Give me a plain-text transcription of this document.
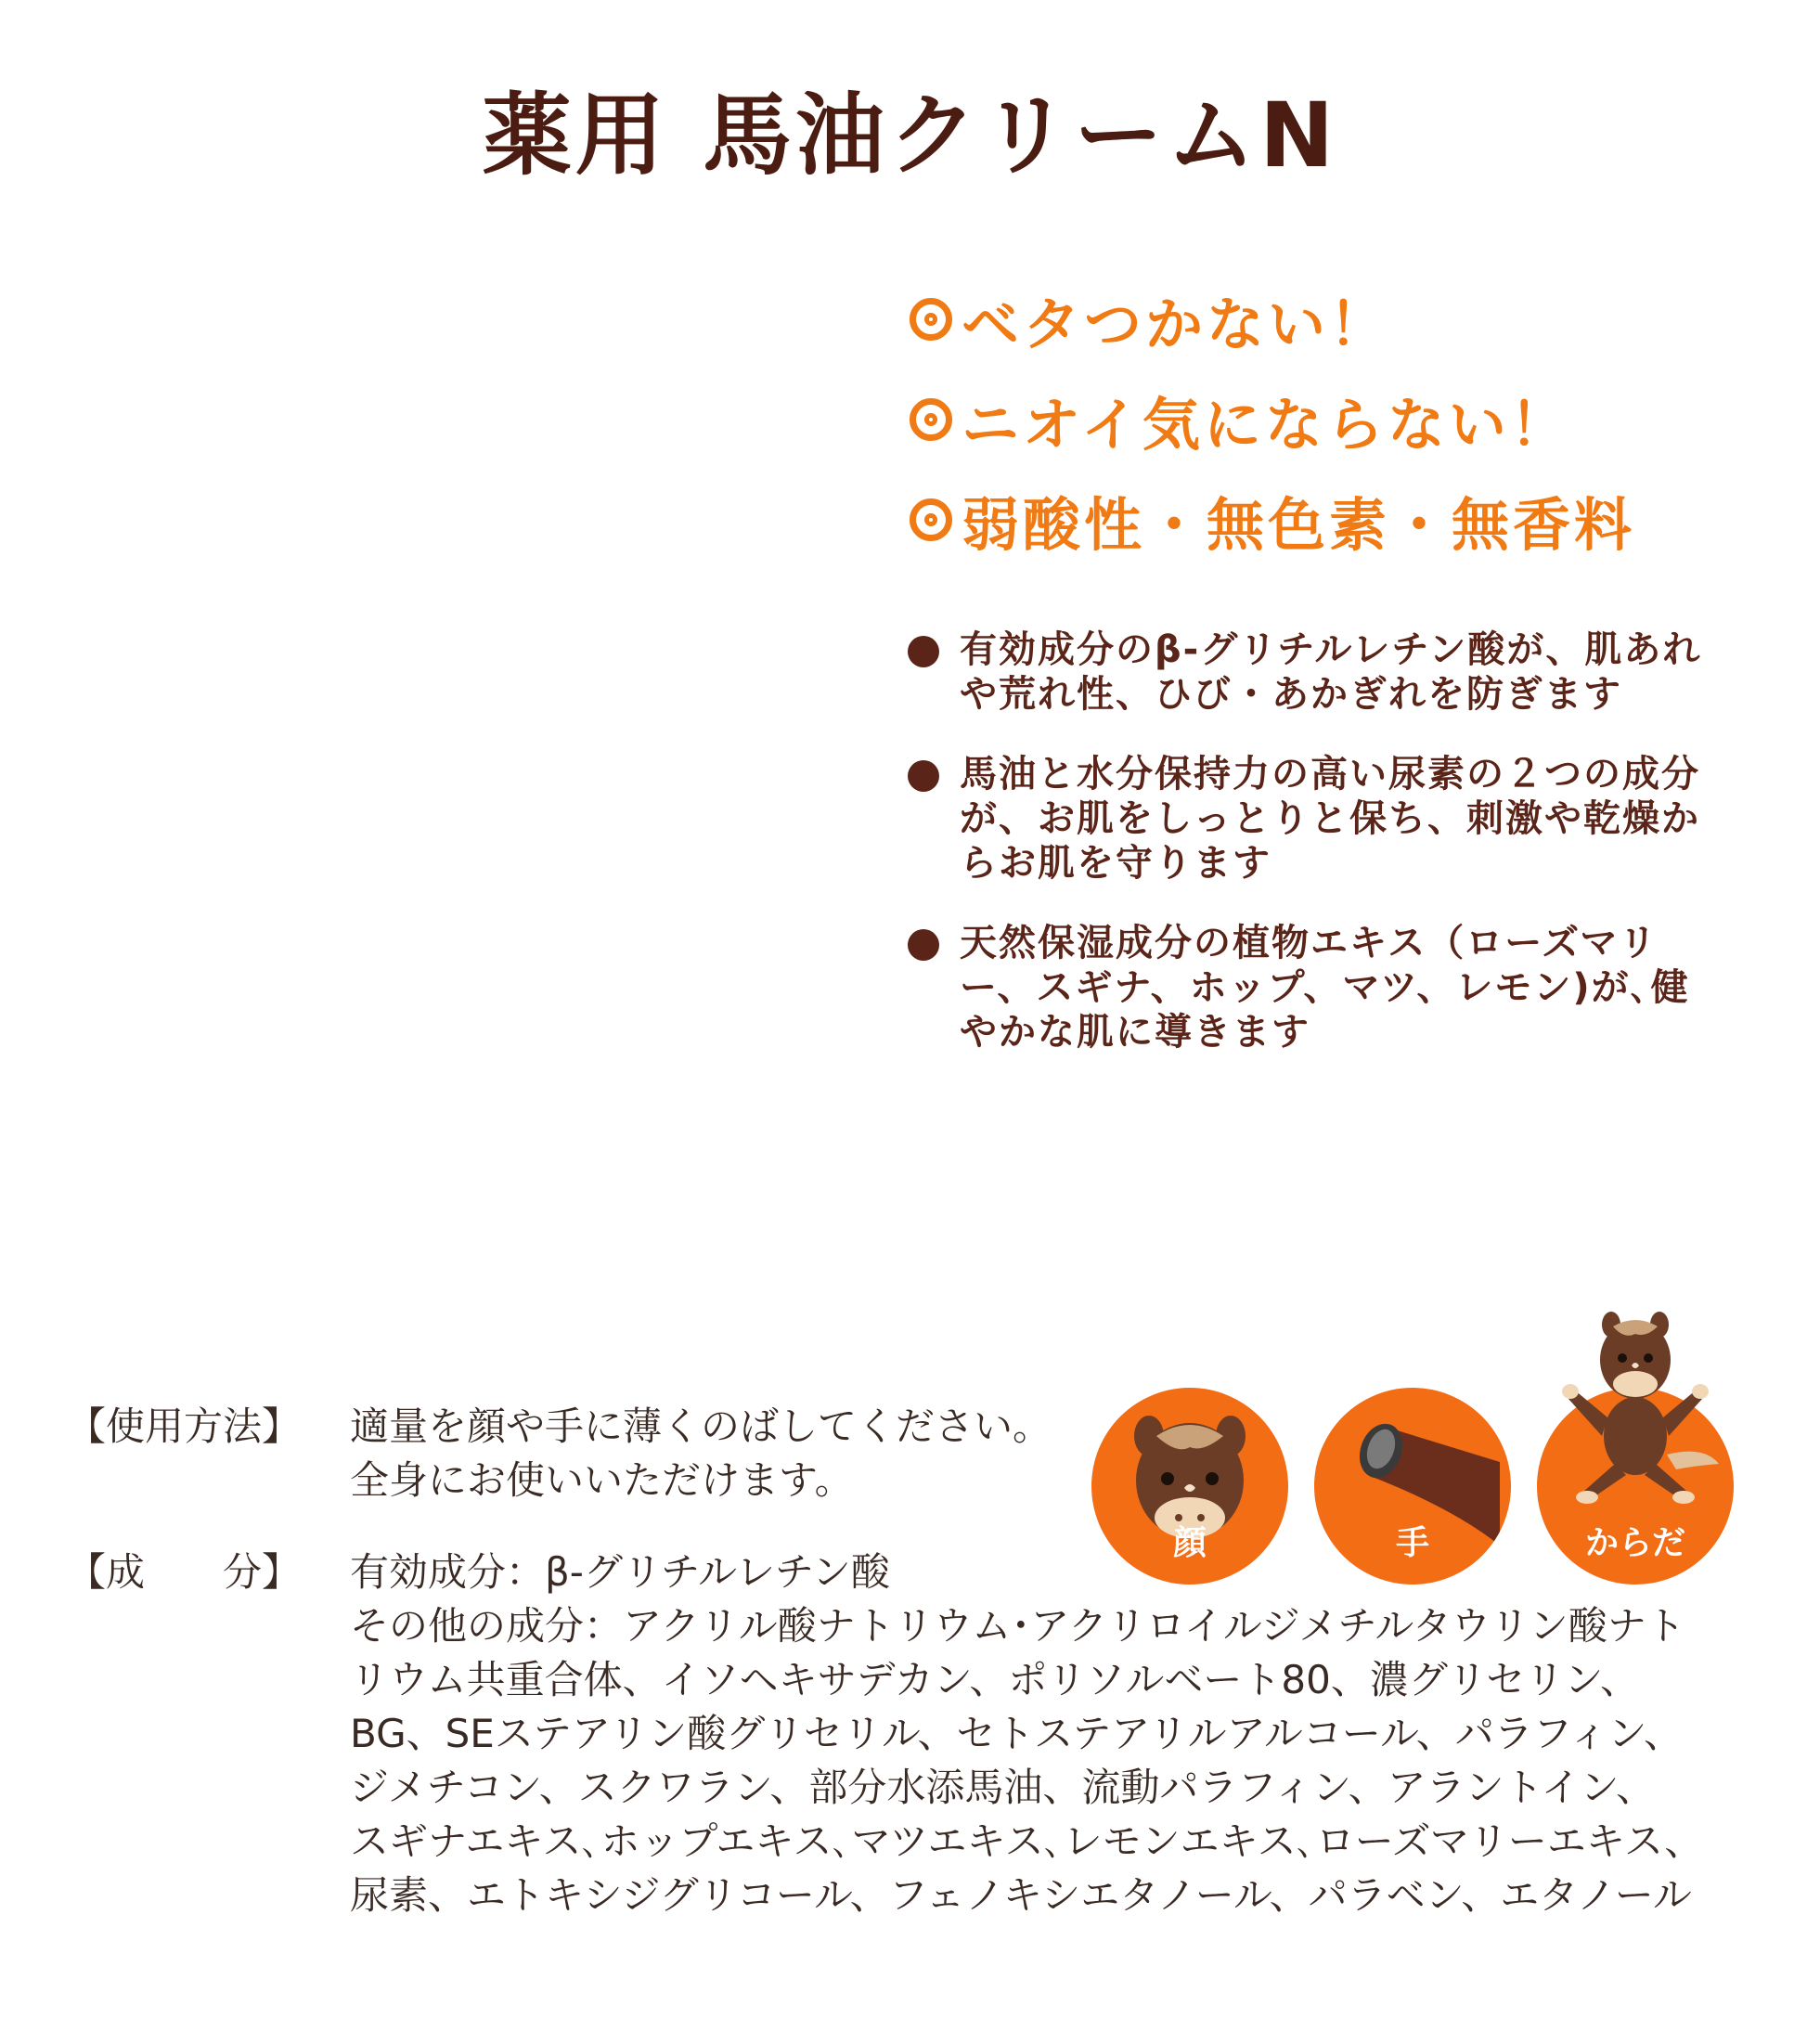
薬用 馬油クリームN
ベタつかない！
ニオイ気にならない！
弱酸性・無色素・無香料
有効成分のβ-グリチルレチン酸が、肌あれや荒れ性、ひび・あかぎれを防ぎます
馬油と水分保持力の高い尿素の２つの成分が、お肌をしっとりと保ち、刺激や乾燥からお肌を守ります
天然保湿成分の植物エキス（ローズマリー、スギナ、ホップ、マツ、レモン)が､健やかな肌に導きます
顔	手	からだ
【使用方法】	適量を顔や手に薄くのばしてください。
全身にお使いいただけます。
【成　　分】	有効成分：β-グリチルレチン酸
その他の成分：アクリル酸ナトリウム･アクリロイルジメチルタウリン酸ナト
リウム共重合体、イソヘキサデカン、ポリソルベート80、濃グリセリン、
BG、SEステアリン酸グリセリル、セトステアリルアルコール、パラフィン、
ジメチコン、スクワラン、部分水添馬油、流動パラフィン、アラントイン、
スギナエキス､ホップエキス､マツエキス､レモンエキス､ローズマリーエキス、
尿素、エトキシジグリコール、フェノキシエタノール、パラベン、エタノール
